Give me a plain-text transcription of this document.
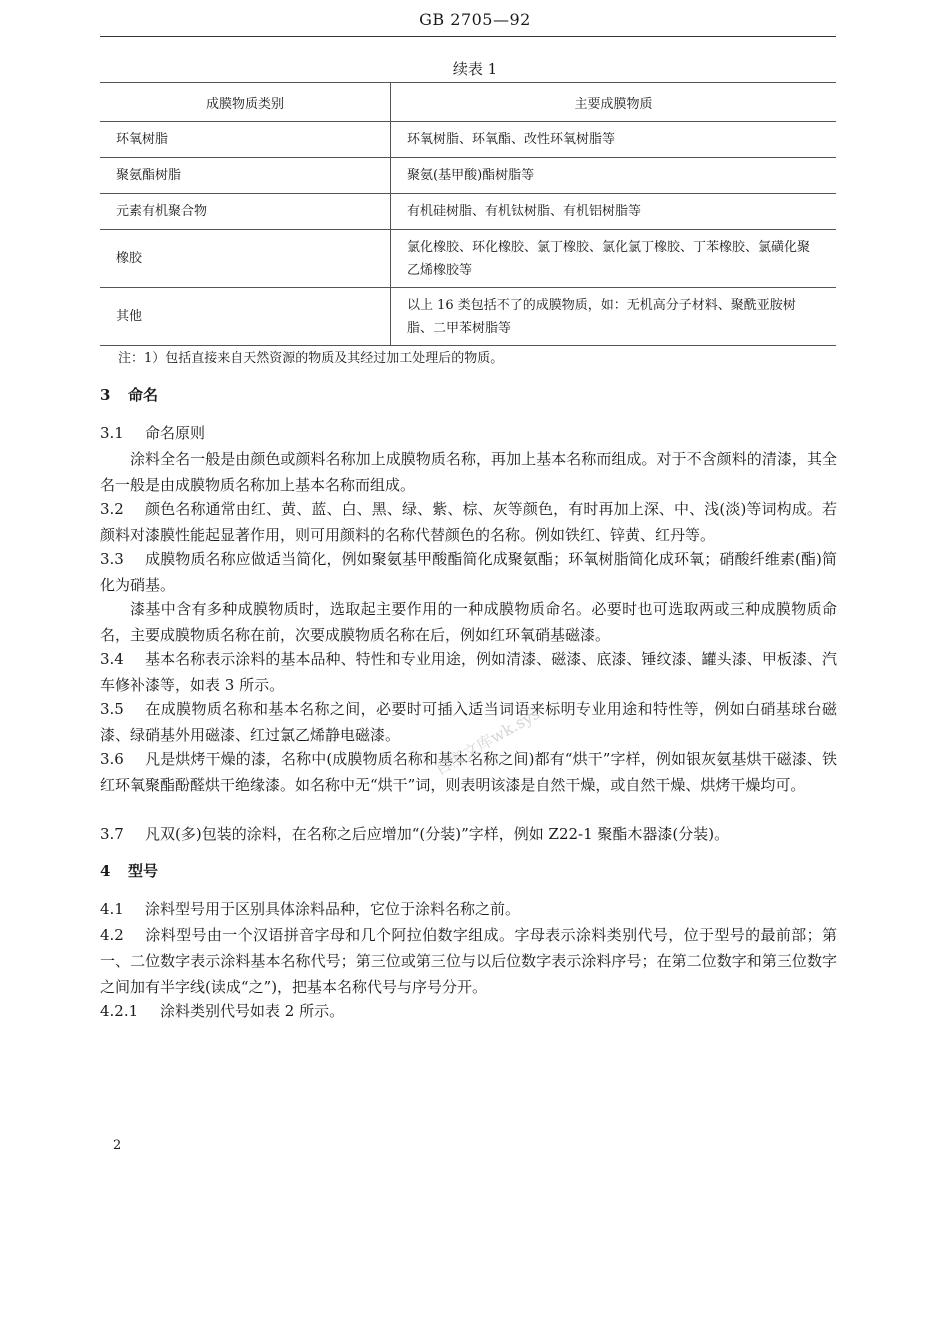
GB 2705—92
续表 1
成膜物质类别	主要成膜物质
环氧树脂	环氧树脂、环氧酯、改性环氧树脂等
聚氨酯树脂	聚氨(基甲酸)酯树脂等
元素有机聚合物	有机硅树脂、有机钛树脂、有机铝树脂等
橡胶	氯化橡胶、环化橡胶、氯丁橡胶、氯化氯丁橡胶、丁苯橡胶、氯磺化聚乙烯橡胶等
其他	以上 16 类包括不了的成膜物质，如：无机高分子材料、聚酰亚胺树脂、二甲苯树脂等
注：1）包括直接来自天然资源的物质及其经过加工处理后的物质。
3 命名
3.1 命名原则
涂料全名一般是由颜色或颜料名称加上成膜物质名称，再加上基本名称而组成。对于不含颜料的清漆，其全名一般是由成膜物质名称加上基本名称而组成。
3.2 颜色名称通常由红、黄、蓝、白、黑、绿、紫、棕、灰等颜色，有时再加上深、中、浅(淡)等词构成。若颜料对漆膜性能起显著作用，则可用颜料的名称代替颜色的名称。例如铁红、锌黄、红丹等。
3.3 成膜物质名称应做适当简化，例如聚氨基甲酸酯简化成聚氨酯；环氧树脂简化成环氧；硝酸纤维素(酯)简化为硝基。
漆基中含有多种成膜物质时，选取起主要作用的一种成膜物质命名。必要时也可选取两或三种成膜物质命名，主要成膜物质名称在前，次要成膜物质名称在后，例如红环氧硝基磁漆。
3.4 基本名称表示涂料的基本品种、特性和专业用途，例如清漆、磁漆、底漆、锤纹漆、罐头漆、甲板漆、汽车修补漆等，如表 3 所示。
3.5 在成膜物质名称和基本名称之间，必要时可插入适当词语来标明专业用途和特性等，例如白硝基球台磁漆、绿硝基外用磁漆、红过氯乙烯静电磁漆。
3.6 凡是烘烤干燥的漆，名称中(成膜物质名称和基本名称之间)都有“烘干”字样，例如银灰氨基烘干磁漆、铁红环氧聚酯酚醛烘干绝缘漆。如名称中无“烘干”词，则表明该漆是自然干燥，或自然干燥、烘烤干燥均可。
3.7 凡双(多)包装的涂料，在名称之后应增加“(分装)”字样，例如 Z22-1 聚酯木器漆(分装)。
4 型号
4.1 涂料型号用于区别具体涂料品种，它位于涂料名称之前。
4.2 涂料型号由一个汉语拼音字母和几个阿拉伯数字组成。字母表示涂料类别代号，位于型号的最前部；第一、二位数字表示涂料基本名称代号；第三位或第三位与以后位数字表示涂料序号；在第二位数字和第三位数字之间加有半字线(读成“之”)，把基本名称代号与序号分开。
4.2.1 涂料类别代号如表 2 所示。
百度文库wk.sys
2
